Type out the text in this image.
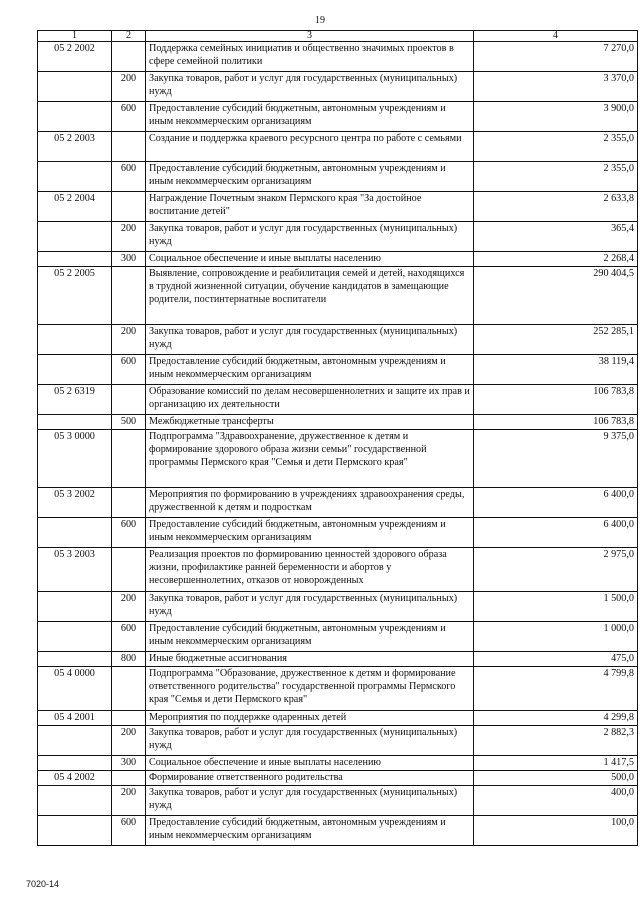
19
1	2	3	4
05 2 2002		Поддержка семейных инициатив и общественно значимых проектов в сфере семейной политики	7 270,0
	200	Закупка товаров, работ и услуг для государственных (муниципальных) нужд	3 370,0
	600	Предоставление субсидий бюджетным, автономным учреждениям и иным некоммерческим организациям	3 900,0
05 2 2003		Создание и поддержка краевого ресурсного центра по работе с семьями	2 355,0
	600	Предоставление субсидий бюджетным, автономным учреждениям и иным некоммерческим организациям	2 355,0
05 2 2004		Награждение Почетным знаком Пермского края "За достойное воспитание детей"	2 633,8
	200	Закупка товаров, работ и услуг для государственных (муниципальных) нужд	365,4
	300	Социальное обеспечение и иные выплаты населению	2 268,4
05 2 2005		Выявление, сопровождение и реабилитация семей и детей, находящихся в трудной жизненной ситуации, обучение кандидатов в замещающие родители, постинтернатные воспитатели	290 404,5
	200	Закупка товаров, работ и услуг для государственных (муниципальных) нужд	252 285,1
	600	Предоставление субсидий бюджетным, автономным учреждениям и иным некоммерческим организациям	38 119,4
05 2 6319		Образование комиссий по делам несовершеннолетних и защите их прав и организацию их деятельности	106 783,8
	500	Межбюджетные трансферты	106 783,8
05 3 0000		Подпрограмма "Здравоохранение, дружественное к детям и формирование здорового образа жизни семьи" государственной программы Пермского края "Семья и дети Пермского края"	9 375,0
05 3 2002		Мероприятия по формированию в учреждениях здравоохранения среды, дружественной к детям и подросткам	6 400,0
	600	Предоставление субсидий бюджетным, автономным учреждениям и иным некоммерческим организациям	6 400,0
05 3 2003		Реализация проектов по формированию ценностей здорового образа жизни, профилактике ранней беременности и абортов у несовершеннолетних, отказов от новорожденных	2 975,0
	200	Закупка товаров, работ и услуг для государственных (муниципальных) нужд	1 500,0
	600	Предоставление субсидий бюджетным, автономным учреждениям и иным некоммерческим организациям	1 000,0
	800	Иные бюджетные ассигнования	475,0
05 4 0000		Подпрограмма "Образование, дружественное к детям и формирование ответственного родительства" государственной программы Пермского края "Семья и дети Пермского края"	4 799,8
05 4 2001		Мероприятия по поддержке одаренных детей	4 299,8
	200	Закупка товаров, работ и услуг для государственных (муниципальных) нужд	2 882,3
	300	Социальное обеспечение и иные выплаты населению	1 417,5
05 4 2002		Формирование ответственного родительства	500,0
	200	Закупка товаров, работ и услуг для государственных (муниципальных) нужд	400,0
	600	Предоставление субсидий бюджетным, автономным учреждениям и иным некоммерческим организациям	100,0
7020-14
